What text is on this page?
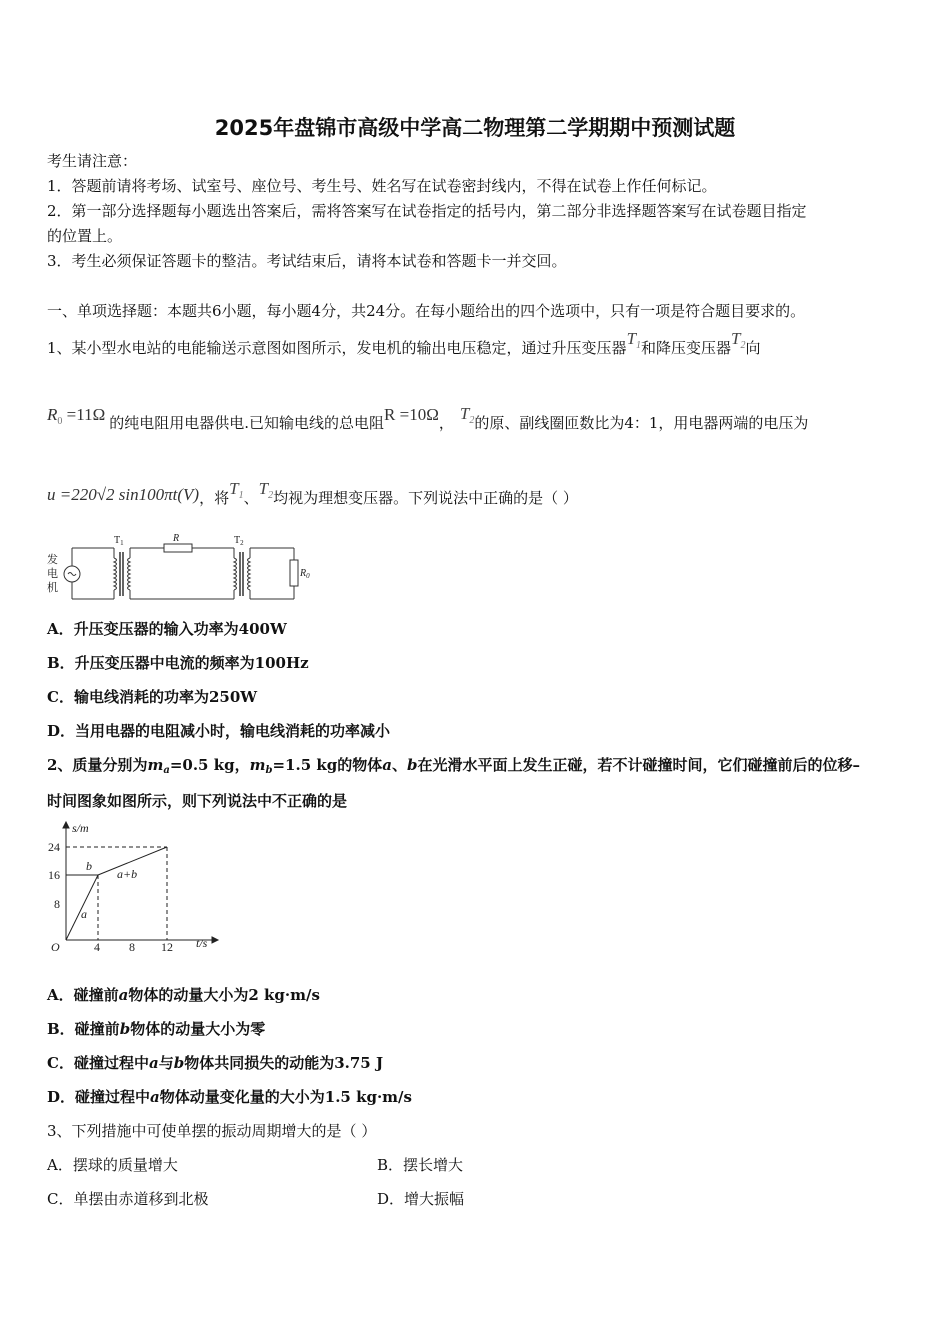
2025年盘锦市高级中学高二物理第二学期期中预测试题
考生请注意：
1．答题前请将考场、试室号、座位号、考生号、姓名写在试卷密封线内，不得在试卷上作任何标记。
2．第一部分选择题每小题选出答案后，需将答案写在试卷指定的括号内，第二部分非选择题答案写在试卷题目指定
的位置上。
3．考生必须保证答题卡的整洁。考试结束后，请将本试卷和答题卡一并交回。
一、单项选择题：本题共6小题，每小题4分，共24分。在每小题给出的四个选项中，只有一项是符合题目要求的。
1、某小型水电站的电能输送示意图如图所示，发电机的输出电压稳定，通过升压变压器$T_1$和降压变压器$T_2$向
$R_0 =11\Omega$ 的纯电阻用电器供电.已知输电线的总电阻R =10Ω， $T_2$的原、副线圈匝数比为4：1，用电器两端的电压为
u =220√2 sin100πt(V)，将$T_1$、$T_2$均视为理想变压器。下列说法中正确的是（ ）
发
电
机
$T_1$	$T_2$
R
$R_0$
A．升压变压器的输入功率为400W
B．升压变压器中电流的频率为100Hz
C．输电线消耗的功率为250W
D．当用电器的电阻减小时，输电线消耗的功率减小
2、质量分别为$m_a=0.5$ kg，$m_b=1.5$ kg的物体a、b在光滑水平面上发生正碰，若不计碰撞时间，它们碰撞前后的位移–
时间图象如图所示，则下列说法中不正确的是
s/m
t/s
O
24
16
8
4 8 12
a
b
a+b
A．碰撞前a物体的动量大小为2 kg·m/s
B．碰撞前b物体的动量大小为零
C．碰撞过程中a与b物体共同损失的动能为3.75 J
D．碰撞过程中a物体动量变化量的大小为1.5 kg·m/s
3、下列措施中可使单摆的振动周期增大的是（ ）
A．摆球的质量增大	B．摆长增大
C．单摆由赤道移到北极	D．增大振幅
